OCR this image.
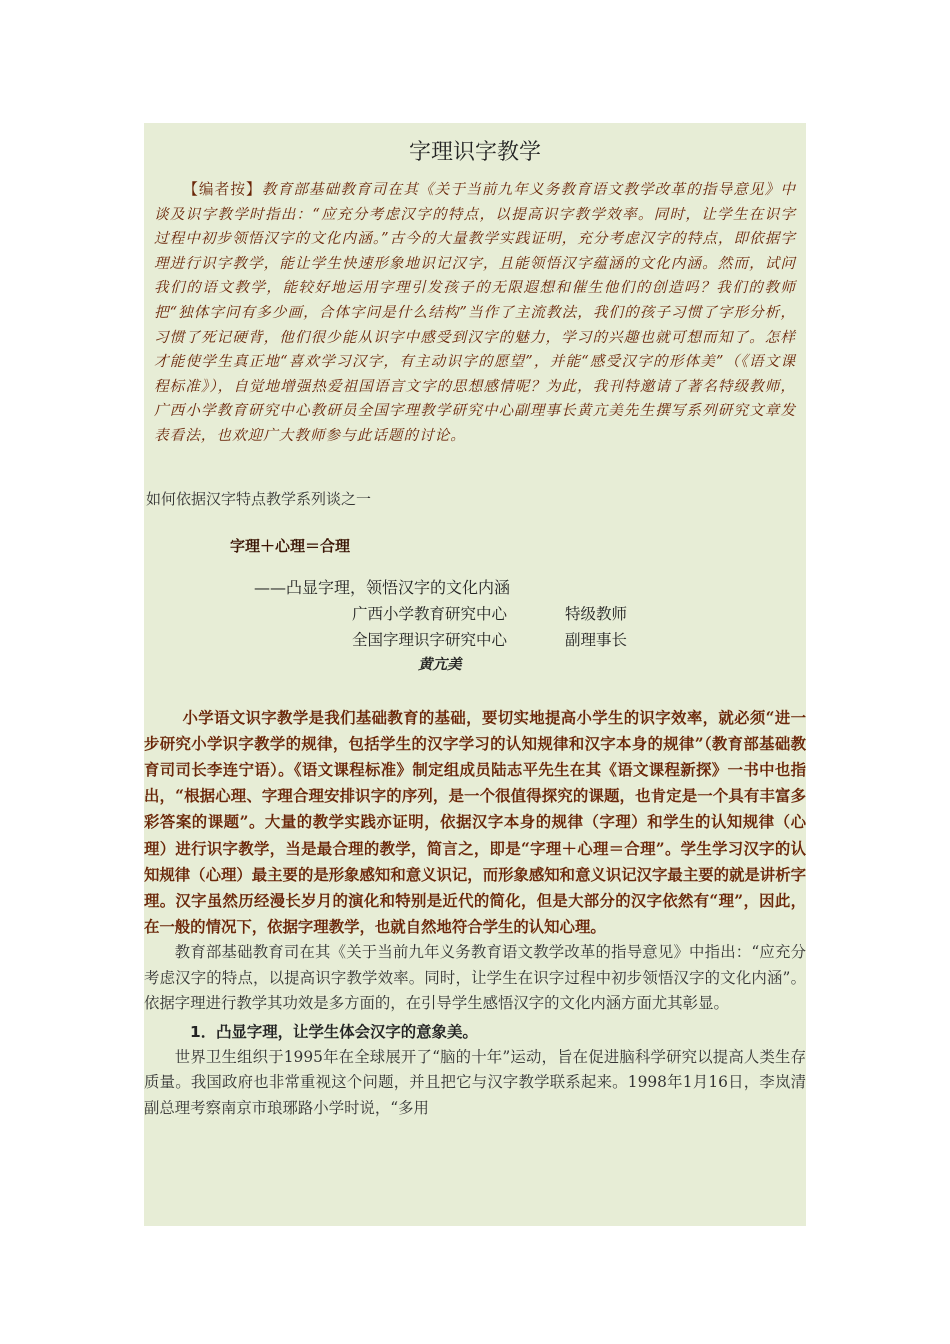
字理识字教学

【编者按】教育部基础教育司在其《关于当前九年义务教育语文教学改革的指导意见》中谈及识字教学时指出：“应充分考虑汉字的特点，以提高识字教学效率。同时，让学生在识字过程中初步领悟汉字的文化内涵。”古今的大量教学实践证明，充分考虑汉字的特点，即依据字理进行识字教学，能让学生快速形象地识记汉字，且能领悟汉字蕴涵的文化内涵。然而，试问我们的语文教学，能较好地运用字理引发孩子的无限遐想和催生他们的创造吗？我们的教师把“独体字问有多少画，合体字问是什么结构”当作了主流教法，我们的孩子习惯了字形分析，习惯了死记硬背，他们很少能从识字中感受到汉字的魅力，学习的兴趣也就可想而知了。怎样才能使学生真正地“喜欢学习汉字，有主动识字的愿望”，并能“感受汉字的形体美”（《语文课程标准》），自觉地增强热爱祖国语言文字的思想感情呢？为此，我刊特邀请了著名特级教师，广西小学教育研究中心教研员全国字理教学研究中心副理事长黄亢美先生撰写系列研究文章发表看法，也欢迎广大教师参与此话题的讨论。

如何依据汉字特点教学系列谈之一
字理＋心理＝合理
——凸显字理，领悟汉字的文化内涵
广西小学教育研究中心	特级教师
全国字理识字研究中心	副理事长
黄亢美

小学语文识字教学是我们基础教育的基础，要切实地提高小学生的识字效率，就必须“进一步研究小学识字教学的规律，包括学生的汉字学习的认知规律和汉字本身的规律”（教育部基础教育司司长李连宁语）。《语文课程标准》制定组成员陆志平先生在其《语文课程新探》一书中也指出，“根据心理、字理合理安排识字的序列，是一个很值得探究的课题，也肯定是一个具有丰富多彩答案的课题”。大量的教学实践亦证明，依据汉字本身的规律（字理）和学生的认知规律（心理）进行识字教学，当是最合理的教学，简言之，即是“字理＋心理＝合理”。学生学习汉字的认知规律（心理）最主要的是形象感知和意义识记，而形象感知和意义识记汉字最主要的就是讲析字理。汉字虽然历经漫长岁月的演化和特别是近代的简化，但是大部分的汉字依然有“理”，因此，在一般的情况下，依据字理教学，也就自然地符合学生的认知心理。

教育部基础教育司在其《关于当前九年义务教育语文教学改革的指导意见》中指出：“应充分考虑汉字的特点，以提高识字教学效率。同时，让学生在识字过程中初步领悟汉字的文化内涵”。依据字理进行教学其功效是多方面的，在引导学生感悟汉字的文化内涵方面尤其彰显。

1．凸显字理，让学生体会汉字的意象美。

世界卫生组织于1995年在全球展开了“脑的十年”运动，旨在促进脑科学研究以提高人类生存质量。我国政府也非常重视这个问题，并且把它与汉字教学联系起来。1998年1月16日，李岚清副总理考察南京市琅琊路小学时说，“多用
